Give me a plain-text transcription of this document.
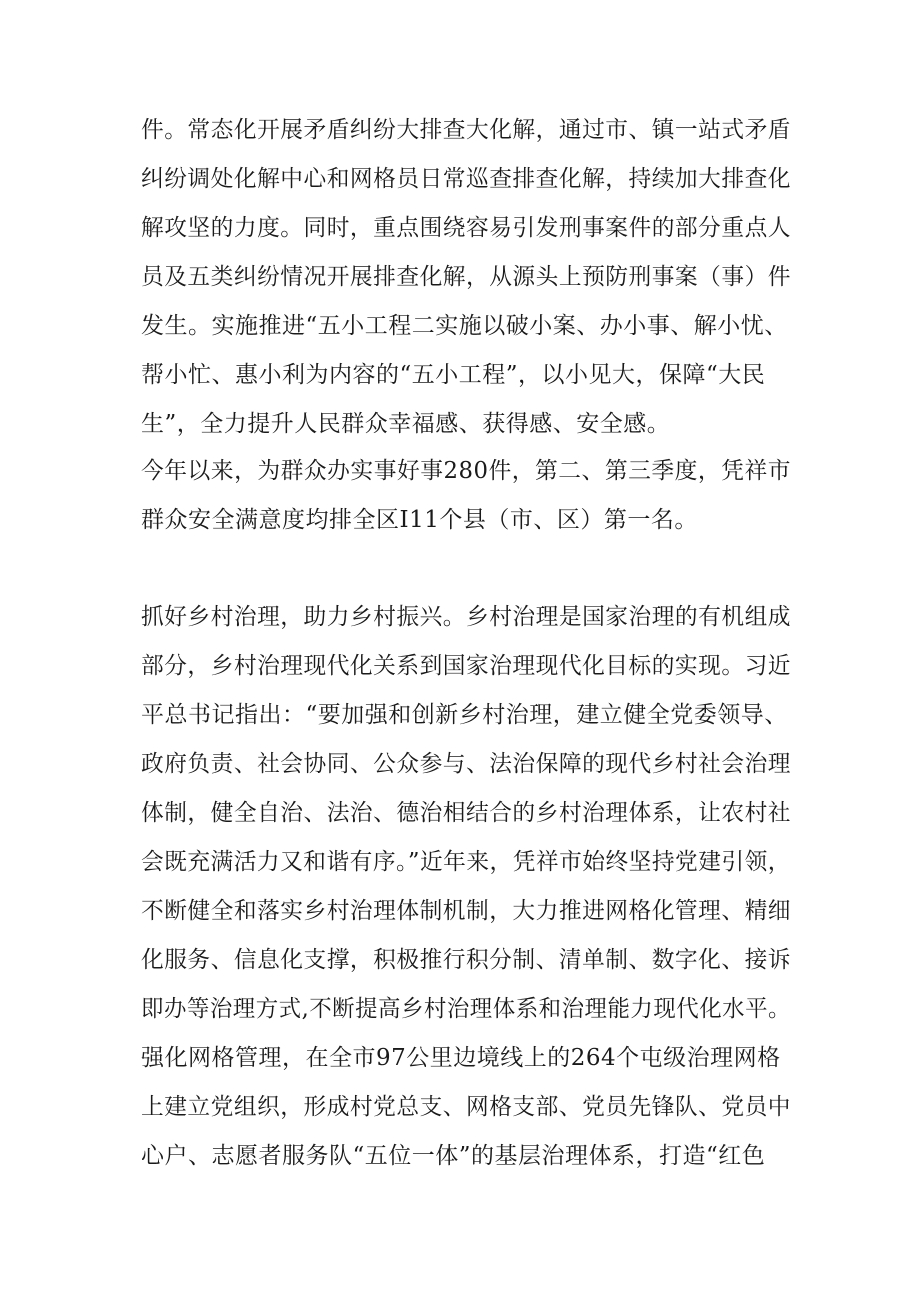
件。常态化开展矛盾纠纷大排查大化解，通过市、镇一站式矛盾
纠纷调处化解中心和网格员日常巡查排查化解，持续加大排查化
解攻坚的力度。同时，重点围绕容易引发刑事案件的部分重点人
员及五类纠纷情况开展排查化解，从源头上预防刑事案（事）件
发生。实施推进“五小工程二实施以破小案、办小事、解小忧、
帮小忙、惠小利为内容的“五小工程”，以小见大，保障“大民
生”，全力提升人民群众幸福感、获得感、安全感。
今年以来，为群众办实事好事280件，第二、第三季度，凭祥市
群众安全满意度均排全区I11个县（市、区）第一名。
抓好乡村治理，助力乡村振兴。乡村治理是国家治理的有机组成
部分，乡村治理现代化关系到国家治理现代化目标的实现。习近
平总书记指出：“要加强和创新乡村治理，建立健全党委领导、
政府负责、社会协同、公众参与、法治保障的现代乡村社会治理
体制，健全自治、法治、德治相结合的乡村治理体系，让农村社
会既充满活力又和谐有序。”近年来，凭祥市始终坚持党建引领，
不断健全和落实乡村治理体制机制，大力推进网格化管理、精细
化服务、信息化支撑，积极推行积分制、清单制、数字化、接诉
即办等治理方式,不断提高乡村治理体系和治理能力现代化水平。
强化网格管理，在全市97公里边境线上的264个屯级治理网格
上建立党组织，形成村党总支、网格支部、党员先锋队、党员中
心户、志愿者服务队“五位一体”的基层治理体系，打造“红色
